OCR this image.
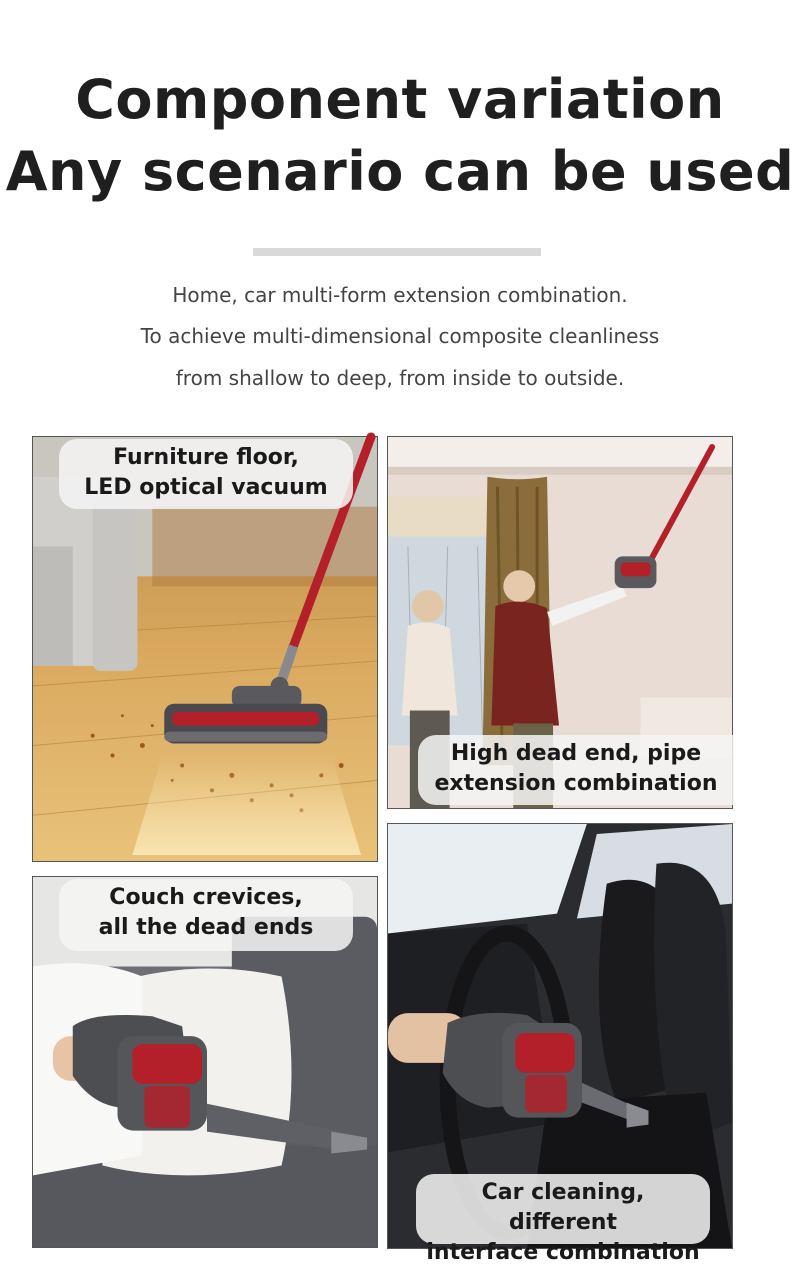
Component variation
Any scenario can be used
Home, car multi-form extension combination.
To achieve multi-dimensional composite cleanliness
from shallow to deep, from inside to outside.
Furniture floor,
LED optical vacuum
High dead end, pipe
extension combination
Couch crevices,
all the dead ends
Car cleaning, different
interface combination
